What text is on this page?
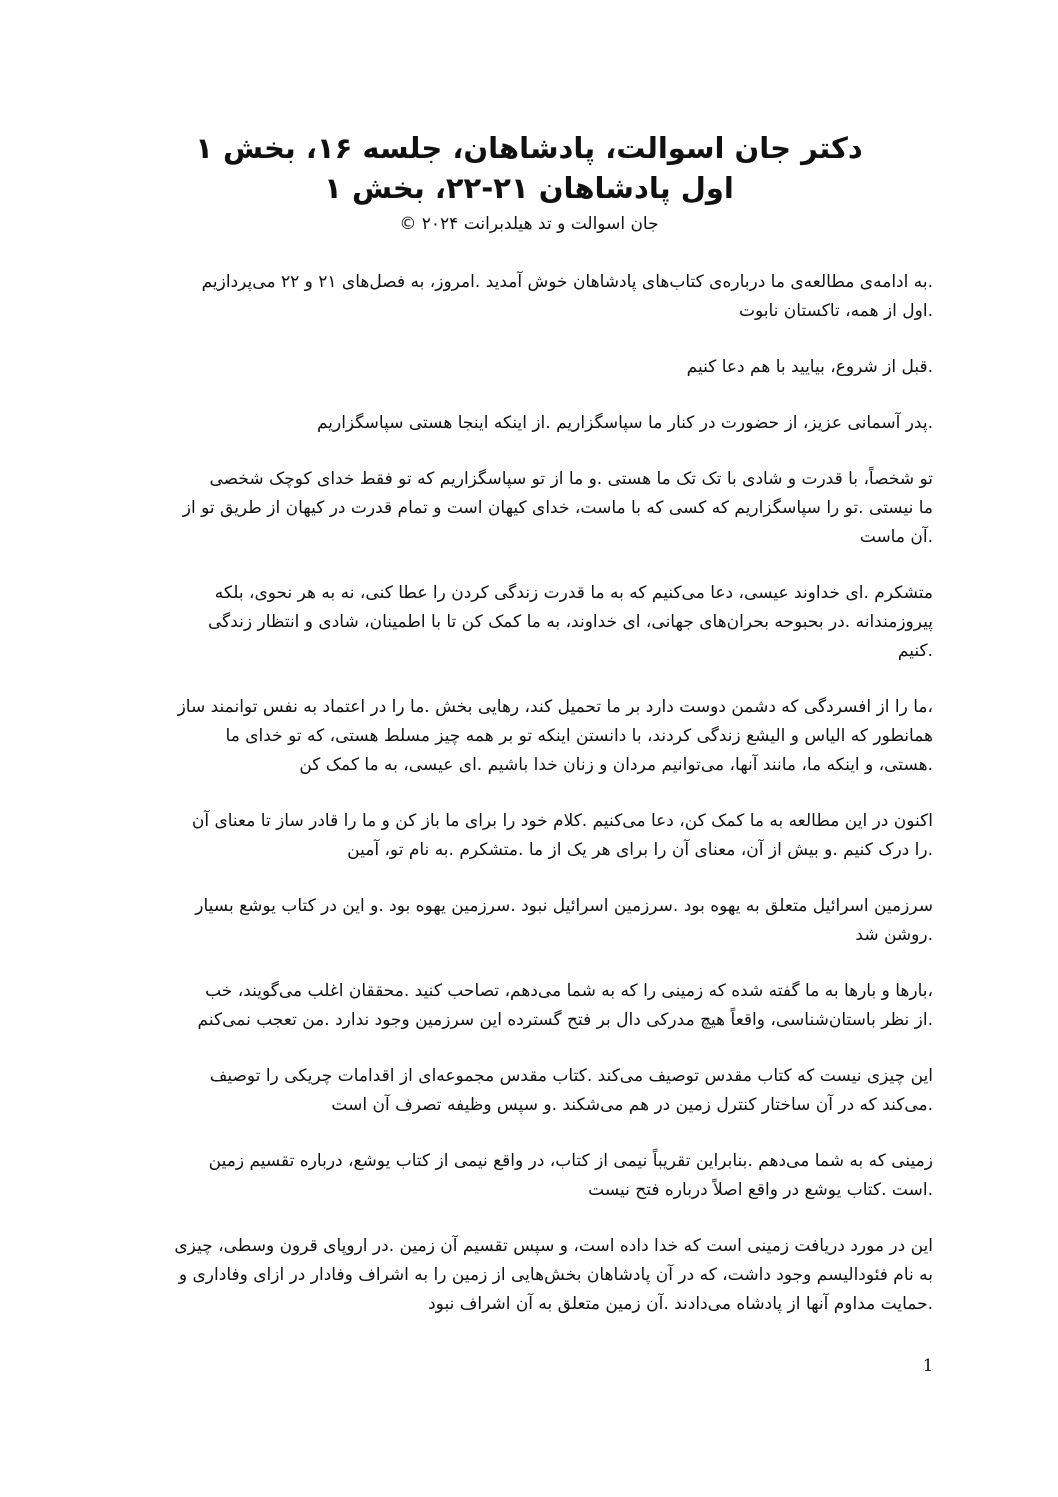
دکتر جان اسوالت، پادشاهان، جلسه ۱۶، بخش ۱
اول پادشاهان ۲۱-۲۲، بخش ۱
جان اسوالت و تد هیلدبرانت ۲۰۲۴ ©

.به ادامه‌ی مطالعه‌ی ما درباره‌ی کتاب‌های پادشاهان خوش آمدید .امروز، به فصل‌های ۲۱ و ۲۲ می‌پردازیم
.اول از همه، تاکستان نابوت

.قبل از شروع، بیایید با هم دعا کنیم

.پدر آسمانی عزیز، از حضورت در کنار ما سپاسگزاریم .از اینکه اینجا هستی سپاسگزاریم

تو شخصاً، با قدرت و شادی با تک تک ما هستی .و ما از تو سپاسگزاریم که تو فقط خدای کوچک شخصی
ما نیستی .تو را سپاسگزاریم که کسی که با ماست، خدای کیهان است و تمام قدرت در کیهان از طریق تو از
.آن ماست

متشکرم .ای خداوند عیسی، دعا می‌کنیم که به ما قدرت زندگی کردن را عطا کنی، نه به هر نحوی، بلکه
پیروزمندانه .در بحبوحه بحران‌های جهانی، ای خداوند، به ما کمک کن تا با اطمینان، شادی و انتظار زندگی
.کنیم

،ما را از افسردگی که دشمن دوست دارد بر ما تحمیل کند، رهایی بخش .ما را در اعتماد به نفس توانمند ساز
همانطور که الیاس و الیشع زندگی کردند، با دانستن اینکه تو بر همه چیز مسلط هستی، که تو خدای ما
.هستی، و اینکه ما، مانند آنها، می‌توانیم مردان و زنان خدا باشیم .ای عیسی، به ما کمک کن

اکنون در این مطالعه به ما کمک کن، دعا می‌کنیم .کلام خود را برای ما باز کن و ما را قادر ساز تا معنای آن
.را درک کنیم .و بیش از آن، معنای آن را برای هر یک از ما .متشکرم .به نام تو، آمین

سرزمین اسرائیل متعلق به یهوه بود .سرزمین اسرائیل نبود .سرزمین یهوه بود .و این در کتاب یوشع بسیار
.روشن شد

،بارها و بارها به ما گفته شده که زمینی را که به شما می‌دهم، تصاحب کنید .محققان اغلب می‌گویند، خب
.از نظر باستان‌شناسی، واقعاً هیچ مدرکی دال بر فتح گسترده این سرزمین وجود ندارد .من تعجب نمی‌کنم

این چیزی نیست که کتاب مقدس توصیف می‌کند .کتاب مقدس مجموعه‌ای از اقدامات چریکی را توصیف
.می‌کند که در آن ساختار کنترل زمین در هم می‌شکند .و سپس وظیفه تصرف آن است

زمینی که به شما می‌دهم .بنابراین تقریباً نیمی از کتاب، در واقع نیمی از کتاب یوشع، درباره تقسیم زمین
.است .کتاب یوشع در واقع اصلاً درباره فتح نیست

این در مورد دریافت زمینی است که خدا داده است، و سپس تقسیم آن زمین .در اروپای قرون وسطی، چیزی
به نام فئودالیسم وجود داشت، که در آن پادشاهان بخش‌هایی از زمین را به اشراف وفادار در ازای وفاداری و
.حمایت مداوم آنها از پادشاه می‌دادند .آن زمین متعلق به آن اشراف نبود

1
